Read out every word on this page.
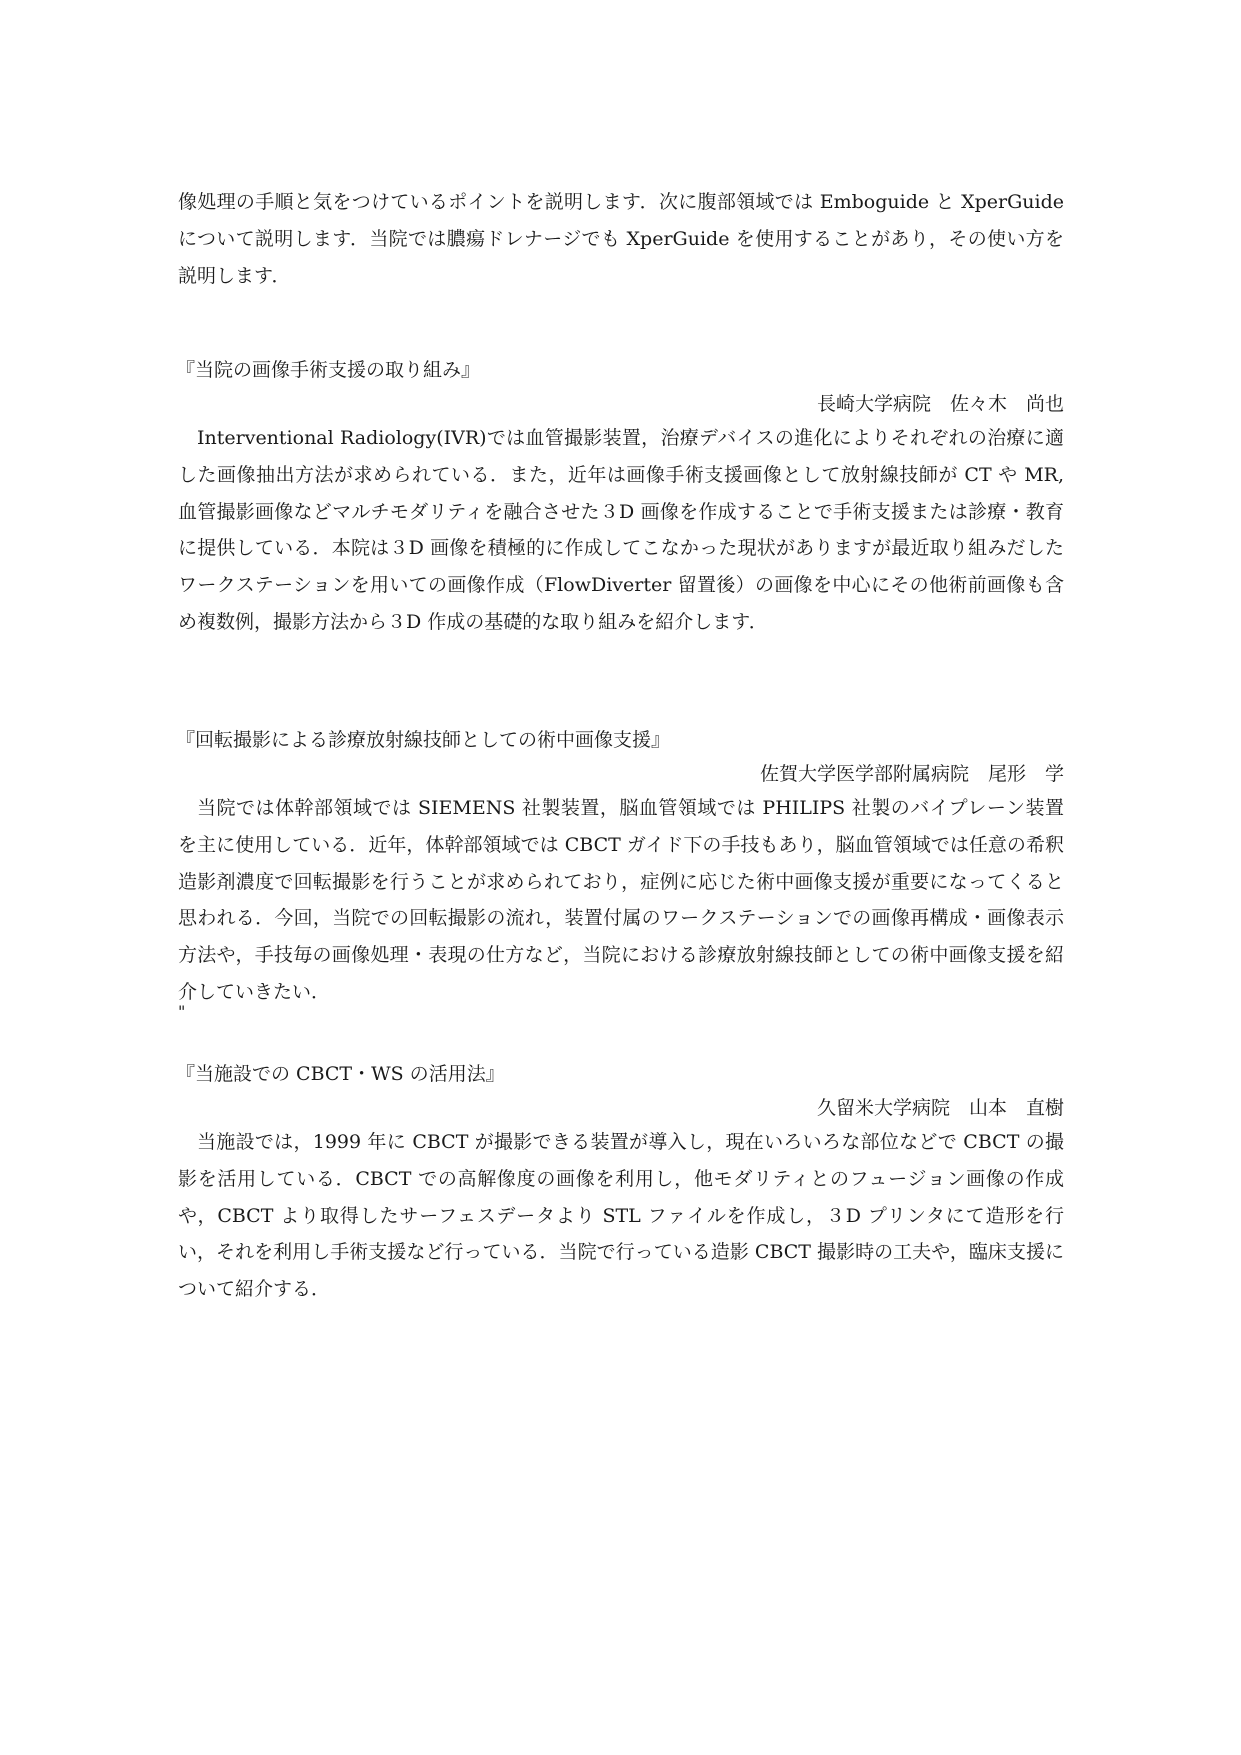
像処理の手順と気をつけているポイントを説明します．次に腹部領域では Emboguide と XperGuide について説明します．当院では膿瘍ドレナージでも XperGuide を使用することがあり，その使い方を説明します．

『当院の画像手術支援の取り組み』

長崎大学病院　佐々木　尚也

Interventional Radiology(IVR)では血管撮影装置，治療デバイスの進化によりそれぞれの治療に適した画像抽出方法が求められている．また，近年は画像手術支援画像として放射線技師が CT や MR, 血管撮影画像などマルチモダリティを融合させた３D 画像を作成することで手術支援または診療・教育に提供している．本院は３D 画像を積極的に作成してこなかった現状がありますが最近取り組みだしたワークステーションを用いての画像作成（FlowDiverter 留置後）の画像を中心にその他術前画像も含め複数例，撮影方法から３D 作成の基礎的な取り組みを紹介します．

『回転撮影による診療放射線技師としての術中画像支援』

佐賀大学医学部附属病院　尾形　学

当院では体幹部領域では SIEMENS 社製装置，脳血管領域では PHILIPS 社製のバイプレーン装置を主に使用している．近年，体幹部領域では CBCT ガイド下の手技もあり，脳血管領域では任意の希釈造影剤濃度で回転撮影を行うことが求められており，症例に応じた術中画像支援が重要になってくると思われる．今回，当院での回転撮影の流れ，装置付属のワークステーションでの画像再構成・画像表示方法や，手技毎の画像処理・表現の仕方など，当院における診療放射線技師としての術中画像支援を紹介していきたい．

"

『当施設での CBCT・WS の活用法』

久留米大学病院　山本　直樹

当施設では，1999 年に CBCT が撮影できる装置が導入し，現在いろいろな部位などで CBCT の撮影を活用している．CBCT での高解像度の画像を利用し，他モダリティとのフュージョン画像の作成や，CBCT より取得したサーフェスデータより STL ファイルを作成し，３D プリンタにて造形を行い，それを利用し手術支援など行っている．当院で行っている造影 CBCT 撮影時の工夫や，臨床支援について紹介する．
